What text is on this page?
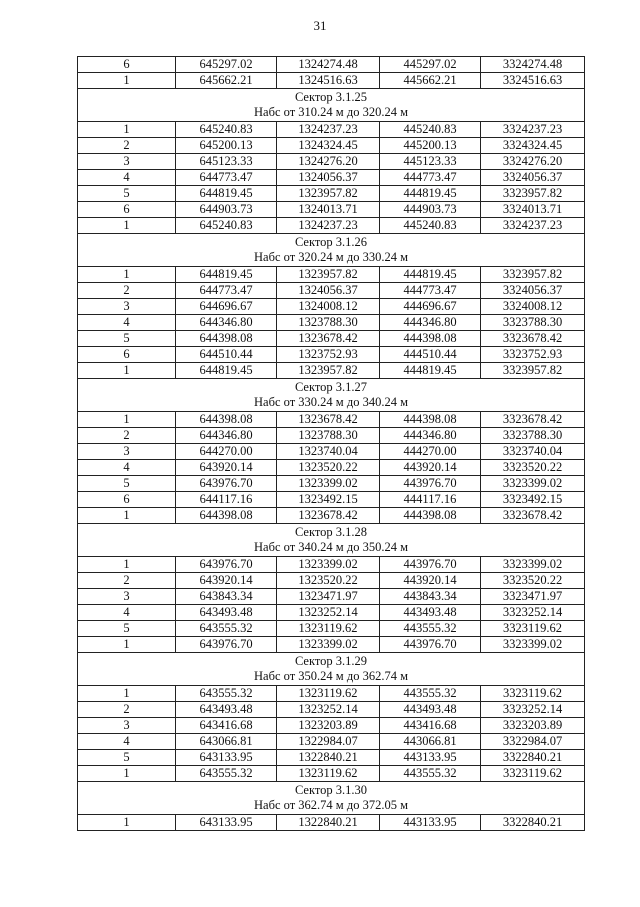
31
6	645297.02	1324274.48	445297.02	3324274.48
1	645662.21	1324516.63	445662.21	3324516.63

Сектор 3.1.25
Набс от 310.24 м до 320.24 м				

1	645240.83	1324237.23	445240.83	3324237.23
2	645200.13	1324324.45	445200.13	3324324.45
3	645123.33	1324276.20	445123.33	3324276.20
4	644773.47	1324056.37	444773.47	3324056.37
5	644819.45	1323957.82	444819.45	3323957.82
6	644903.73	1324013.71	444903.73	3324013.71
1	645240.83	1324237.23	445240.83	3324237.23

Сектор 3.1.26
Набс от 320.24 м до 330.24 м				

1	644819.45	1323957.82	444819.45	3323957.82
2	644773.47	1324056.37	444773.47	3324056.37
3	644696.67	1324008.12	444696.67	3324008.12
4	644346.80	1323788.30	444346.80	3323788.30
5	644398.08	1323678.42	444398.08	3323678.42
6	644510.44	1323752.93	444510.44	3323752.93
1	644819.45	1323957.82	444819.45	3323957.82

Сектор 3.1.27
Набс от 330.24 м до 340.24 м				

1	644398.08	1323678.42	444398.08	3323678.42
2	644346.80	1323788.30	444346.80	3323788.30
3	644270.00	1323740.04	444270.00	3323740.04
4	643920.14	1323520.22	443920.14	3323520.22
5	643976.70	1323399.02	443976.70	3323399.02
6	644117.16	1323492.15	444117.16	3323492.15
1	644398.08	1323678.42	444398.08	3323678.42

Сектор 3.1.28
Набс от 340.24 м до 350.24 м				

1	643976.70	1323399.02	443976.70	3323399.02
2	643920.14	1323520.22	443920.14	3323520.22
3	643843.34	1323471.97	443843.34	3323471.97
4	643493.48	1323252.14	443493.48	3323252.14
5	643555.32	1323119.62	443555.32	3323119.62
1	643976.70	1323399.02	443976.70	3323399.02

Сектор 3.1.29
Набс от 350.24 м до 362.74 м				

1	643555.32	1323119.62	443555.32	3323119.62
2	643493.48	1323252.14	443493.48	3323252.14
3	643416.68	1323203.89	443416.68	3323203.89
4	643066.81	1322984.07	443066.81	3322984.07
5	643133.95	1322840.21	443133.95	3322840.21
1	643555.32	1323119.62	443555.32	3323119.62

Сектор 3.1.30
Набс от 362.74 м до 372.05 м				

1	643133.95	1322840.21	443133.95	3322840.21
